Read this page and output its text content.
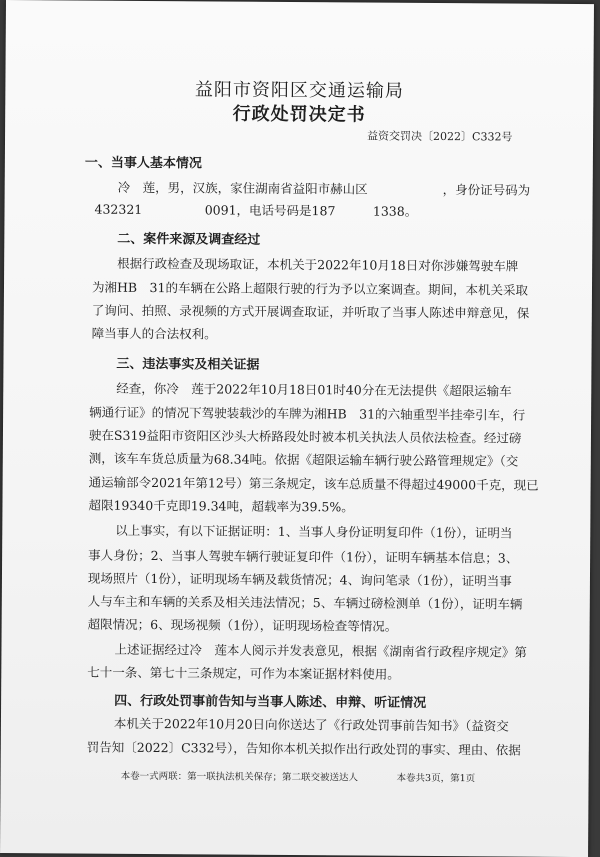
益阳市资阳区交通运输局
行政处罚决定书
益资交罚决〔2022〕C332号
一、当事人基本情况
冷　莲，男，汉族，家住湖南省益阳市赫山区　　　　　　，身份证号码为
432321　　　　　0091，电话号码是187　　　1338。
二、案件来源及调查经过
根据行政检查及现场取证，本机关于2022年10月18日对你涉嫌驾驶车牌
为湘HB　31的车辆在公路上超限行驶的行为予以立案调查。期间，本机关采取
了询问、拍照、录视频的方式开展调查取证，并听取了当事人陈述申辩意见，保
障当事人的合法权利。
三、违法事实及相关证据
经查，你冷　莲于2022年10月18日01时40分在无法提供《超限运输车
辆通行证》的情况下驾驶装载沙的车牌为湘HB　31的六轴重型半挂牵引车，行
驶在S319益阳市资阳区沙头大桥路段处时被本机关执法人员依法检查。经过磅
测，该车车货总质量为68.34吨。依据《超限运输车辆行驶公路管理规定》（交
通运输部令2021年第12号）第三条规定，该车总质量不得超过49000千克，现已
超限19340千克即19.34吨，超载率为39.5%。
以上事实，有以下证据证明：1、当事人身份证明复印件（1份），证明当
事人身份；2、当事人驾驶车辆行驶证复印件（1份），证明车辆基本信息；3、
现场照片（1份），证明现场车辆及载货情况；4、询问笔录（1份），证明当事
人与车主和车辆的关系及相关违法情况；5、车辆过磅检测单（1份），证明车辆
超限情况；6、现场视频（1份），证明现场检查等情况。
上述证据经过冷　莲本人阅示并发表意见，根据《湖南省行政程序规定》第
七十一条、第七十三条规定，可作为本案证据材料使用。
四、行政处罚事前告知与当事人陈述、申辩、听证情况
本机关于2022年10月20日向你送达了《行政处罚事前告知书》（益资交
罚告知〔2022〕C332号），告知你本机关拟作出行政处罚的事实、理由、依据
本卷一式两联：第一联执法机关保存；第二联交被送达人	本卷共3页，第1页
